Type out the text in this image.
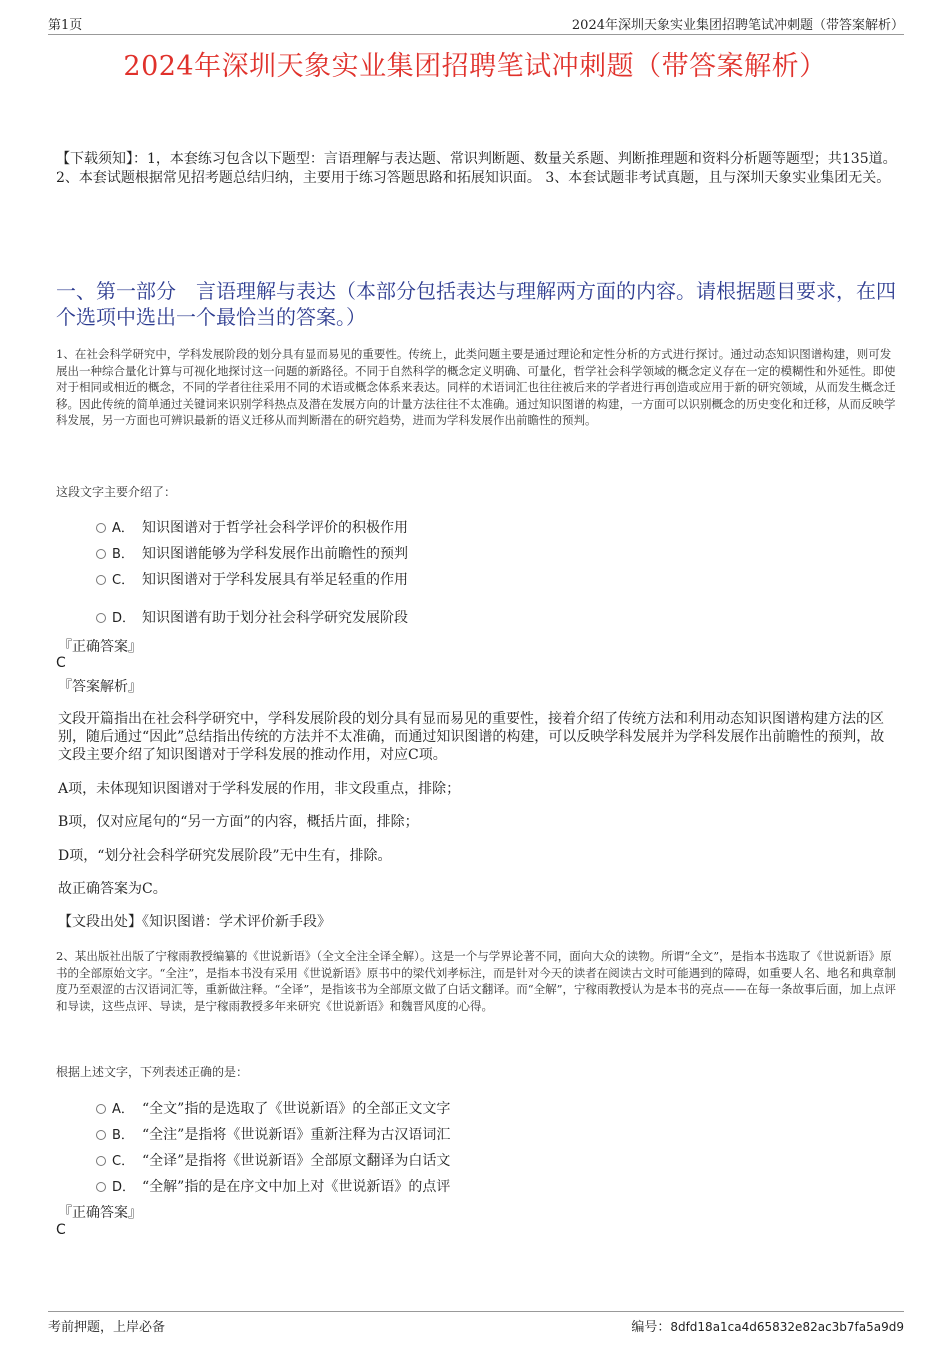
第1页	2024年深圳天象实业集团招聘笔试冲刺题（带答案解析）
2024年深圳天象实业集团招聘笔试冲刺题（带答案解析）
【下载须知】：1，本套练习包含以下题型：言语理解与表达题、常识判断题、数量关系题、判断推理题和资料分析题等题型；共135道。 2、本套试题根据常见招考题总结归纳，主要用于练习答题思路和拓展知识面。 3、本套试题非考试真题，且与深圳天象实业集团无关。
一、第一部分　言语理解与表达（本部分包括表达与理解两方面的内容。请根据题目要求，在四个选项中选出一个最恰当的答案。）
1、在社会科学研究中，学科发展阶段的划分具有显而易见的重要性。传统上，此类问题主要是通过理论和定性分析的方式进行探讨。通过动态知识图谱构建，则可发展出一种综合量化计算与可视化地探讨这一问题的新路径。不同于自然科学的概念定义明确、可量化，哲学社会科学领域的概念定义存在一定的模糊性和外延性。即使对于相同或相近的概念，不同的学者往往采用不同的术语或概念体系来表达。同样的术语词汇也往往被后来的学者进行再创造或应用于新的研究领域，从而发生概念迁移。因此传统的简单通过关键词来识别学科热点及潜在发展方向的计量方法往往不太准确。通过知识图谱的构建，一方面可以识别概念的历史变化和迁移，从而反映学科发展，另一方面也可辨识最新的语义迁移从而判断潜在的研究趋势，进而为学科发展作出前瞻性的预判。
这段文字主要介绍了：
A． 知识图谱对于哲学社会科学评价的积极作用
B． 知识图谱能够为学科发展作出前瞻性的预判
C． 知识图谱对于学科发展具有举足轻重的作用
D． 知识图谱有助于划分社会科学研究发展阶段
『正确答案』
C
『答案解析』
文段开篇指出在社会科学研究中，学科发展阶段的划分具有显而易见的重要性，接着介绍了传统方法和利用动态知识图谱构建方法的区别，随后通过“因此”总结指出传统的方法并不太准确，而通过知识图谱的构建，可以反映学科发展并为学科发展作出前瞻性的预判，故文段主要介绍了知识图谱对于学科发展的推动作用，对应C项。
A项，未体现知识图谱对于学科发展的作用，非文段重点，排除；
B项，仅对应尾句的“另一方面”的内容，概括片面，排除；
D项，“划分社会科学研究发展阶段”无中生有，排除。
故正确答案为C。
【文段出处】《知识图谱：学术评价新手段》
2、某出版社出版了宁稼雨教授编纂的《世说新语》（全文全注全译全解）。这是一个与学界论著不同，面向大众的读物。所谓“全文”，是指本书选取了《世说新语》原书的全部原始文字。“全注”，是指本书没有采用《世说新语》原书中的梁代刘孝标注，而是针对今天的读者在阅读古文时可能遇到的障碍，如重要人名、地名和典章制度乃至艰涩的古汉语词汇等，重新做注释。“全译”，是指该书为全部原文做了白话文翻译。而“全解”，宁稼雨教授认为是本书的亮点——在每一条故事后面，加上点评和导读，这些点评、导读，是宁稼雨教授多年来研究《世说新语》和魏晋风度的心得。
根据上述文字，下列表述正确的是：
A． “全文”指的是选取了《世说新语》的全部正文文字
B． “全注”是指将《世说新语》重新注释为古汉语词汇
C． “全译”是指将《世说新语》全部原文翻译为白话文
D． “全解”指的是在序文中加上对《世说新语》的点评
『正确答案』
C
考前押题，上岸必备	编号：8dfd18a1ca4d65832e82ac3b7fa5a9d9
